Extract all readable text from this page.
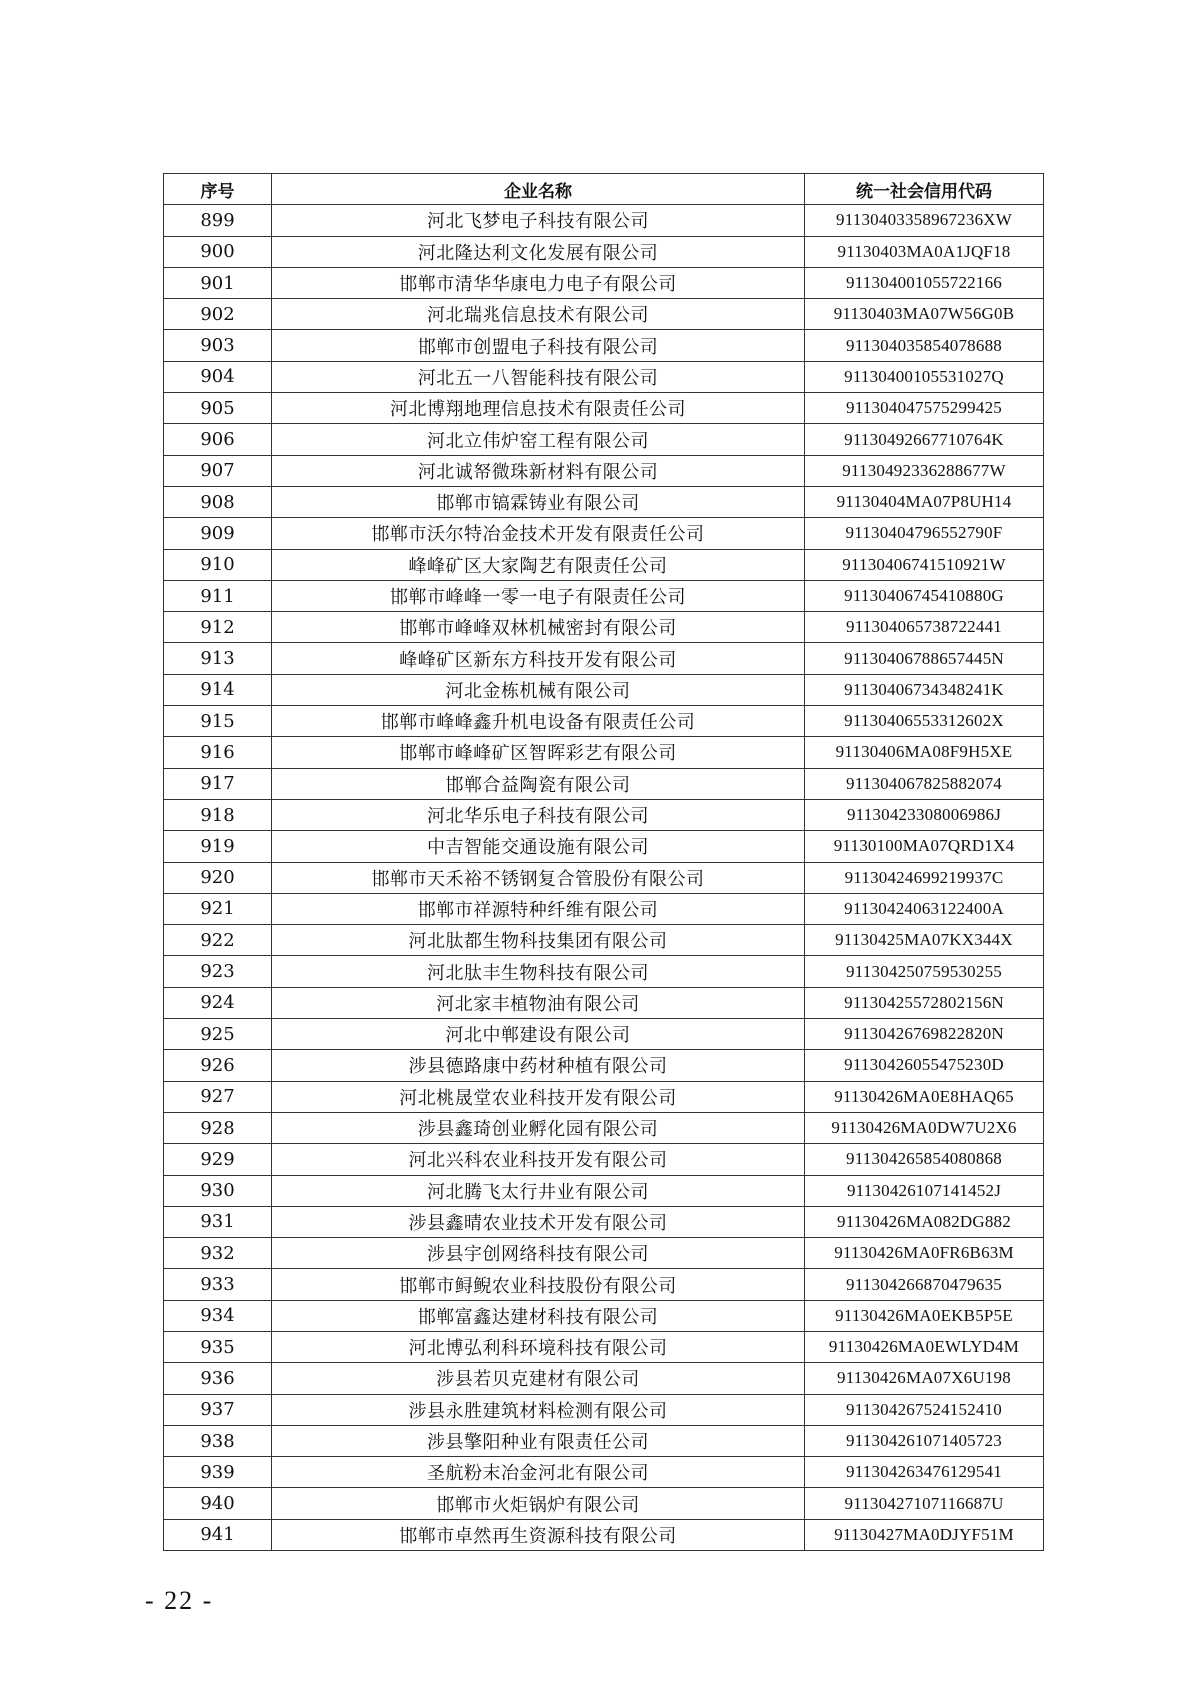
序号	企业名称	统一社会信用代码
899	河北飞梦电子科技有限公司	91130403358967236XW
900	河北隆达利文化发展有限公司	91130403MA0A1JQF18
901	邯郸市清华华康电力电子有限公司	911304001055722166
902	河北瑞兆信息技术有限公司	91130403MA07W56G0B
903	邯郸市创盟电子科技有限公司	911304035854078688
904	河北五一八智能科技有限公司	91130400105531027Q
905	河北博翔地理信息技术有限责任公司	911304047575299425
906	河北立伟炉窑工程有限公司	91130492667710764K
907	河北诚帑微珠新材料有限公司	91130492336288677W
908	邯郸市镐霖铸业有限公司	91130404MA07P8UH14
909	邯郸市沃尔特冶金技术开发有限责任公司	91130404796552790F
910	峰峰矿区大家陶艺有限责任公司	91130406741510921W
911	邯郸市峰峰一零一电子有限责任公司	91130406745410880G
912	邯郸市峰峰双林机械密封有限公司	911304065738722441
913	峰峰矿区新东方科技开发有限公司	91130406788657445N
914	河北金栋机械有限公司	91130406734348241K
915	邯郸市峰峰鑫升机电设备有限责任公司	91130406553312602X
916	邯郸市峰峰矿区智晖彩艺有限公司	91130406MA08F9H5XE
917	邯郸合益陶瓷有限公司	911304067825882074
918	河北华乐电子科技有限公司	91130423308006986J
919	中吉智能交通设施有限公司	91130100MA07QRD1X4
920	邯郸市天禾裕不锈钢复合管股份有限公司	91130424699219937C
921	邯郸市祥源特种纤维有限公司	91130424063122400A
922	河北肽都生物科技集团有限公司	91130425MA07KX344X
923	河北肽丰生物科技有限公司	911304250759530255
924	河北家丰植物油有限公司	91130425572802156N
925	河北中郸建设有限公司	91130426769822820N
926	涉县德路康中药材种植有限公司	91130426055475230D
927	河北桃晟堂农业科技开发有限公司	91130426MA0E8HAQ65
928	涉县鑫琦创业孵化园有限公司	91130426MA0DW7U2X6
929	河北兴科农业科技开发有限公司	911304265854080868
930	河北腾飞太行井业有限公司	91130426107141452J
931	涉县鑫晴农业技术开发有限公司	91130426MA082DG882
932	涉县宇创网络科技有限公司	91130426MA0FR6B63M
933	邯郸市鲟鲵农业科技股份有限公司	911304266870479635
934	邯郸富鑫达建材科技有限公司	91130426MA0EKB5P5E
935	河北博弘利科环境科技有限公司	91130426MA0EWLYD4M
936	涉县若贝克建材有限公司	91130426MA07X6U198
937	涉县永胜建筑材料检测有限公司	911304267524152410
938	涉县擎阳种业有限责任公司	911304261071405723
939	圣航粉末冶金河北有限公司	911304263476129541
940	邯郸市火炬锅炉有限公司	91130427107116687U
941	邯郸市卓然再生资源科技有限公司	91130427MA0DJYF51M
- 22 -
